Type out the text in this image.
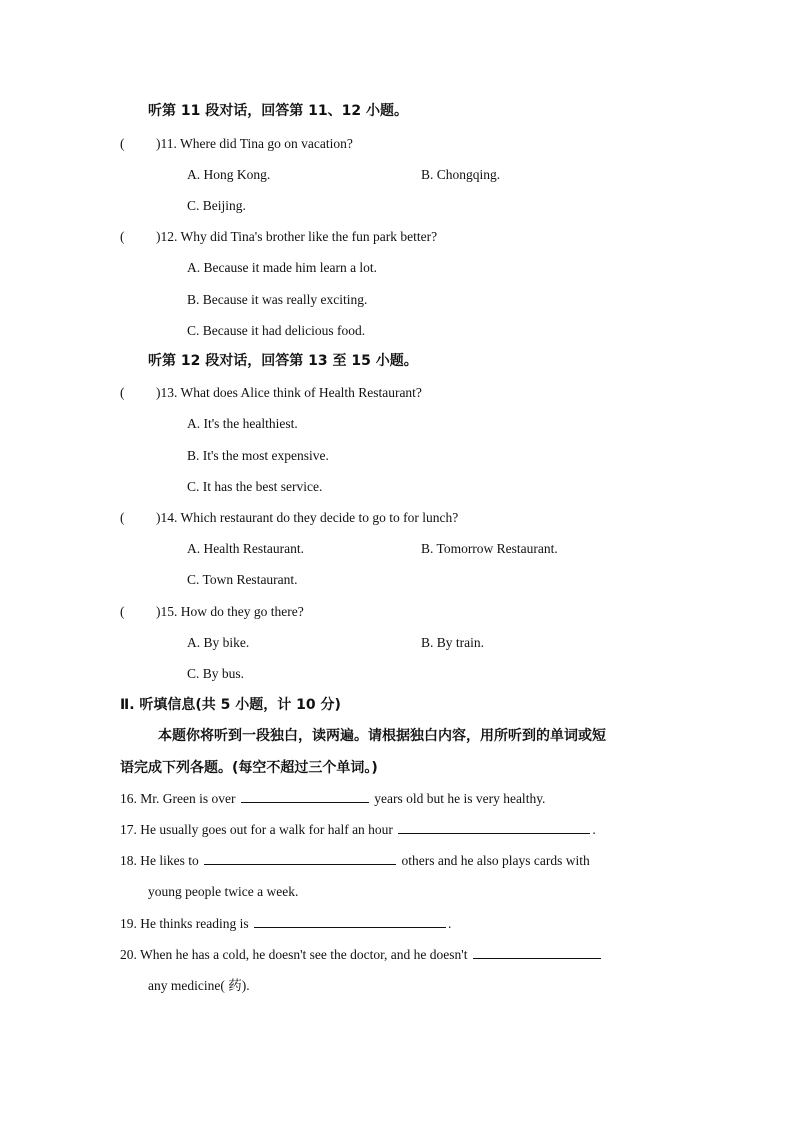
听第 11 段对话，回答第 11、12 小题。
( )11. Where did Tina go on vacation?
A. Hong Kong.	B. Chongqing.
C. Beijing.
( )12. Why did Tina's brother like the fun park better?
A. Because it made him learn a lot.
B. Because it was really exciting.
C. Because it had delicious food.
听第 12 段对话，回答第 13 至 15 小题。
( )13. What does Alice think of Health Restaurant?
A. It's the healthiest.
B. It's the most expensive.
C. It has the best service.
( )14. Which restaurant do they decide to go to for lunch?
A. Health Restaurant.	B. Tomorrow Restaurant.
C. Town Restaurant.
( )15. How do they go there?
A. By bike.	B. By train.
C. By bus.
Ⅱ. 听填信息(共 5 小题，计 10 分)
本题你将听到一段独白，读两遍。请根据独白内容，用所听到的单词或短
语完成下列各题。(每空不超过三个单词。)
16. Mr. Green is over	years old but he is very healthy.
17. He usually goes out for a walk for half an hour	.
18. He likes to	others and he also plays cards with
young people twice a week.
19. He thinks reading is	.
20. When he has a cold, he doesn't see the doctor, and he doesn't
any medicine( 药).
